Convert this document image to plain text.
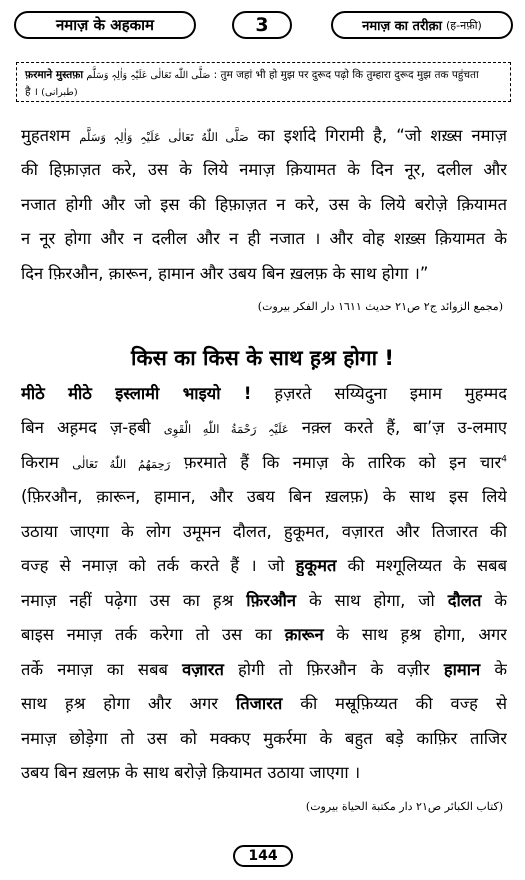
नमाज़ के अहकाम	3	नमाज़ का तरीक़ा (ह-नफ़ी)
फ़रमाने मुस्तफ़ा صَلَّى اللّٰه تَعَالٰی عَلَیْہِ وَاٰلِہٖ وَسَلَّم : तुम जहां भी हो मुझ पर दुरूद पढ़ो कि तुम्हारा दुरूद मुझ तक पहुंचता
है । (طبرانی)
मुहतशम صَلَّى اللّٰهُ تَعَالٰی عَلَیْہِ وَاٰلِہٖ وَسَلَّم का इर्शादे गिरामी है, “जो शख़्स नमाज़
की हिफ़ाज़त करे, उस के लिये नमाज़ क़ियामत के दिन नूर, दलील और
नजात होगी और जो इस की हिफ़ाज़त न करे, उस के लिये बरोज़े क़ियामत
न नूर होगा और न दलील और न ही नजात । और वोह शख़्स क़ियामत के
दिन फ़िरऔन, क़ारून, हामान और उबय बिन ख़लफ़ के साथ होगा ।”
(مجمع الزوائد ج٢ ص٢١ حديث ١٦١١ دار الفكر بيروت)
किस का किस के साथ ह़श्र होगा !
मीठे मीठे इस्लामी भाइयो ! ह़ज़रते सय्यिदुना इमाम मुहम्मद
बिन अह़मद ज़-हबी عَلَیْہِ رَحْمَةُ اللّٰهِ الْقَوِی नक़्ल करते हैं, बा’ज़ उ-लमाए
किराम رَحِمَهُمُ اللّٰهُ تَعَالٰی फ़रमाते हैं कि नमाज़ के तारिक को इन चार$^4$
(फ़िरऔन, क़ारून, हामान, और उबय बिन ख़लफ़) के साथ इस लिये
उठाया जाएगा के लोग उमूमन दौलत, हुकूमत, वज़ारत और तिजारत की
वज्ह से नमाज़ को तर्क करते हैं । जो हुकूमत की मश्गूलिय्यत के सबब
नमाज़ नहीं पढ़ेगा उस का ह़श्र फ़िरऔन के साथ होगा, जो दौलत के
बाइस नमाज़ तर्क करेगा तो उस का क़ारून के साथ ह़श्र होगा, अगर
तर्के नमाज़ का सबब वज़ारत होगी तो फ़िरऔन के वज़ीर हामान के
साथ ह़श्र होगा और अगर तिजारत की मस्रूफ़िय्यत की वज्ह से
नमाज़ छोड़ेगा तो उस को मक्कए मुकर्रमा के बहुत बड़े काफ़िर ताजिर
उबय बिन ख़लफ़ के साथ बरोज़े क़ियामत उठाया जाएगा ।
(كتاب الكبائر ص٢١ دار مكتبة الحياة بيروت)
144
